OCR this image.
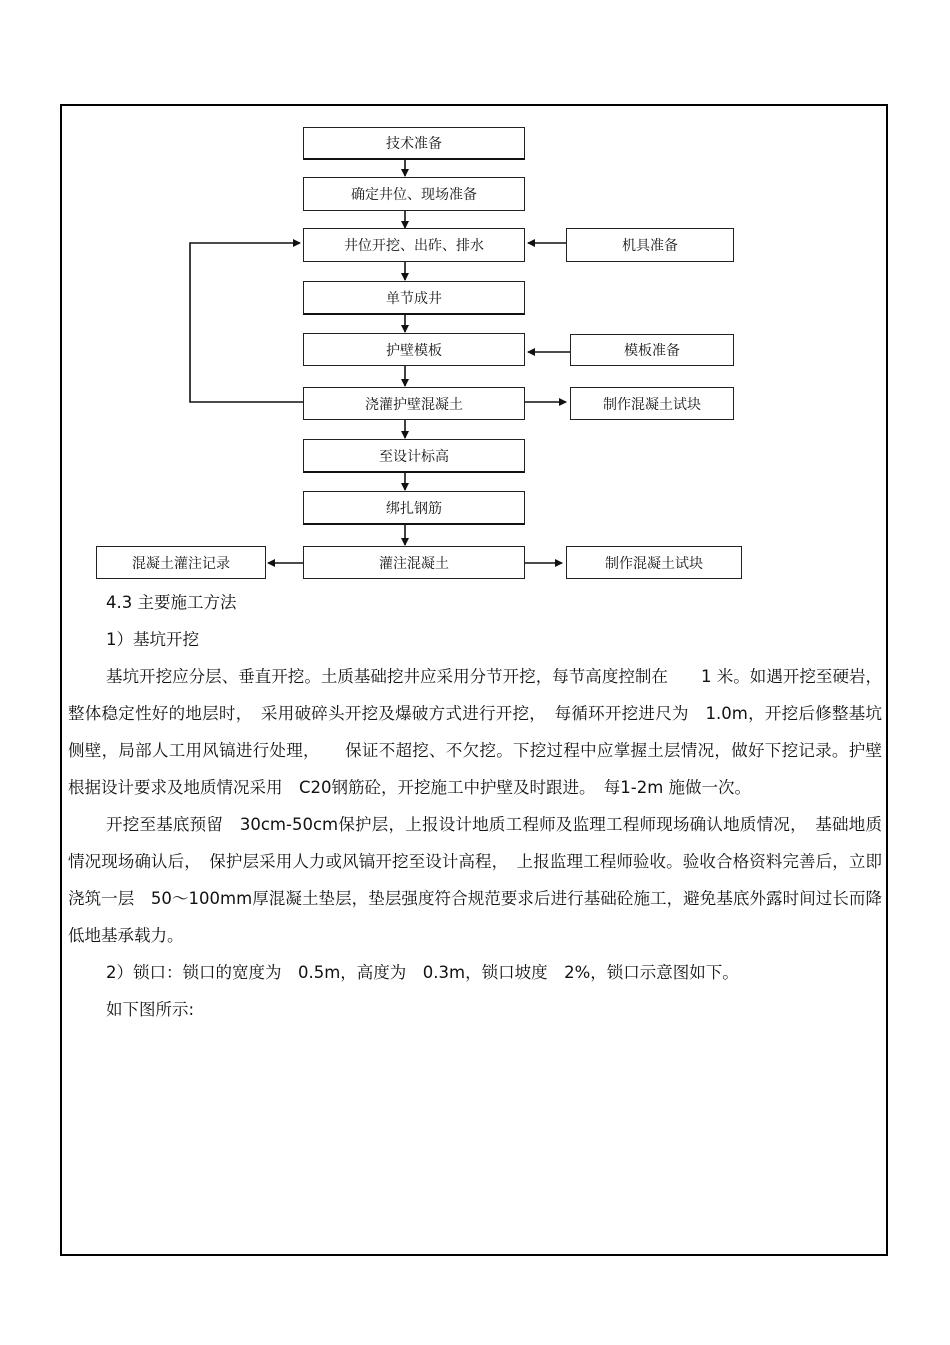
技术准备
确定井位、现场准备
井位开挖、出砟、排水
单节成井
护壁模板
浇灌护壁混凝土
至设计标高
绑扎钢筋
灌注混凝土
机具准备
模板准备
制作混凝土试块
制作混凝土试块
混凝土灌注记录
4.3 主要施工方法
1）基坑开挖
基坑开挖应分层、垂直开挖。土质基础挖井应采用分节开挖，每节高度控制在　　1 米。如遇开挖至硬岩，整体稳定性好的地层时，　采用破碎头开挖及爆破方式进行开挖，　每循环开挖进尺为　1.0m，开挖后修整基坑侧壁，局部人工用风镐进行处理，　　保证不超挖、不欠挖。下挖过程中应掌握土层情况，做好下挖记录。护壁根据设计要求及地质情况采用　C20钢筋砼，开挖施工中护壁及时跟进。　每1-2m 施做一次。
开挖至基底预留　30cm-50cm保护层，上报设计地质工程师及监理工程师现场确认地质情况，　基础地质情况现场确认后，　保护层采用人力或风镐开挖至设计高程，　上报监理工程师验收。验收合格资料完善后，立即浇筑一层　50～100mm厚混凝土垫层，垫层强度符合规范要求后进行基础砼施工，避免基底外露时间过长而降低地基承载力。
2）锁口：锁口的宽度为　0.5m，高度为　0.3m，锁口坡度　2%，锁口示意图如下。
如下图所示:
